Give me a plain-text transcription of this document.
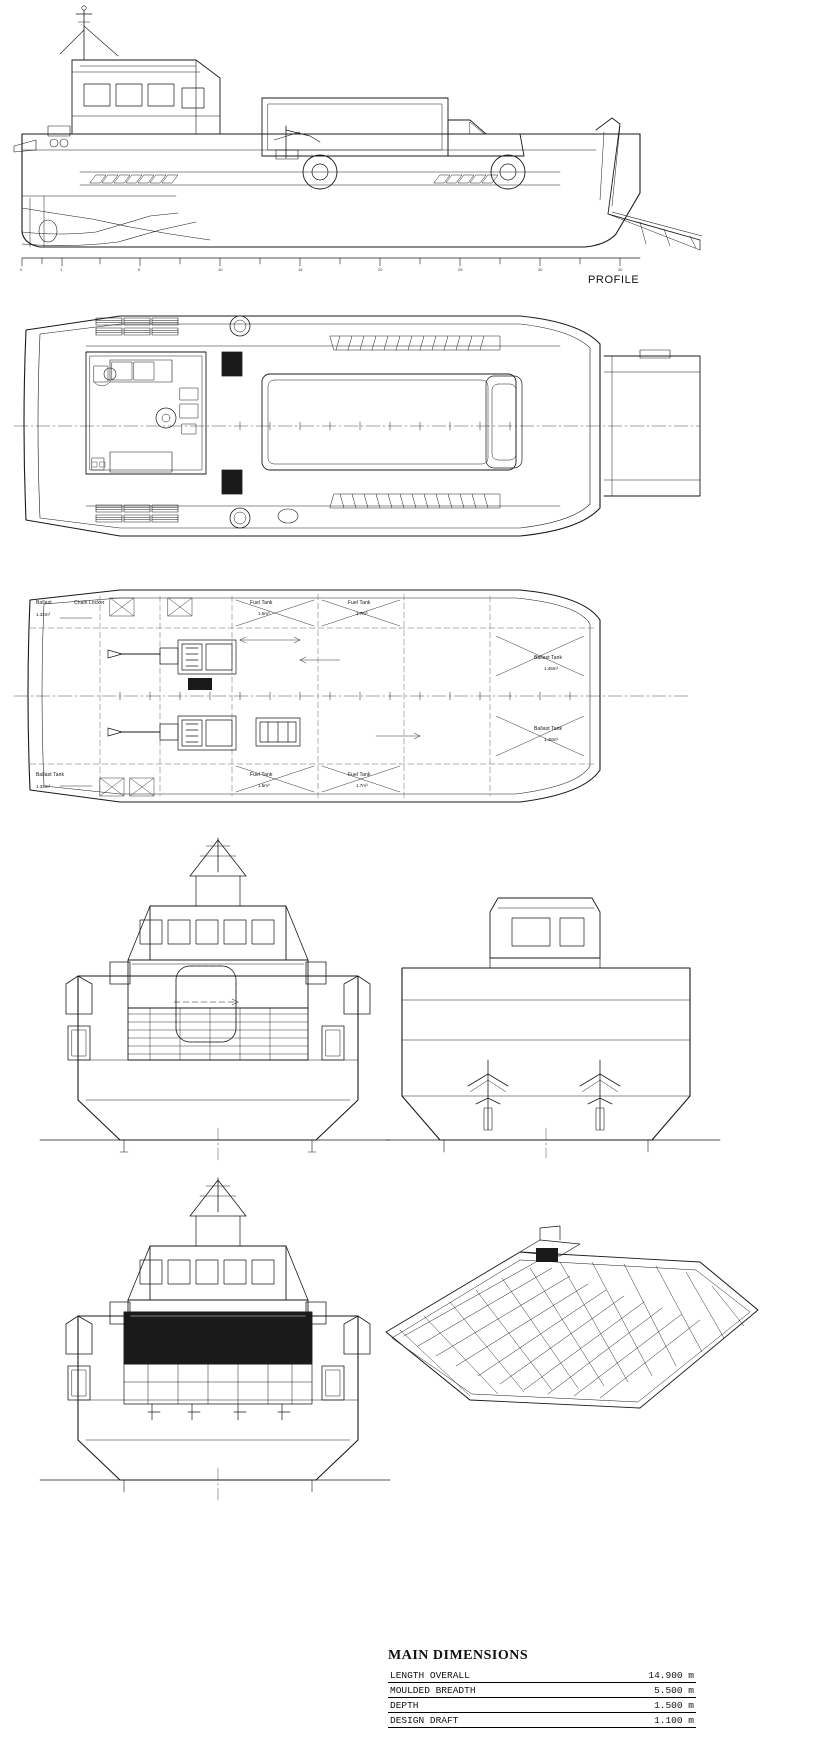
PROFILE
0	1	5	10	15	20	25	30	30
Ballast
1.32m³
Chain Locker	Fuel Tank
1.5m³
Fuel Tank
1.7m³
Ballast Tank
1.48m³
Ballast Tank
1.48m³
Ballast Tank
1.32m³
Fuel Tank
1.5m³
Fuel Tank
1.7m³
MAIN DIMENSIONS
LENGTH OVERALL	14.900 m
MOULDED BREADTH	5.500 m
DEPTH	1.500 m
DESIGN DRAFT	1.100 m
